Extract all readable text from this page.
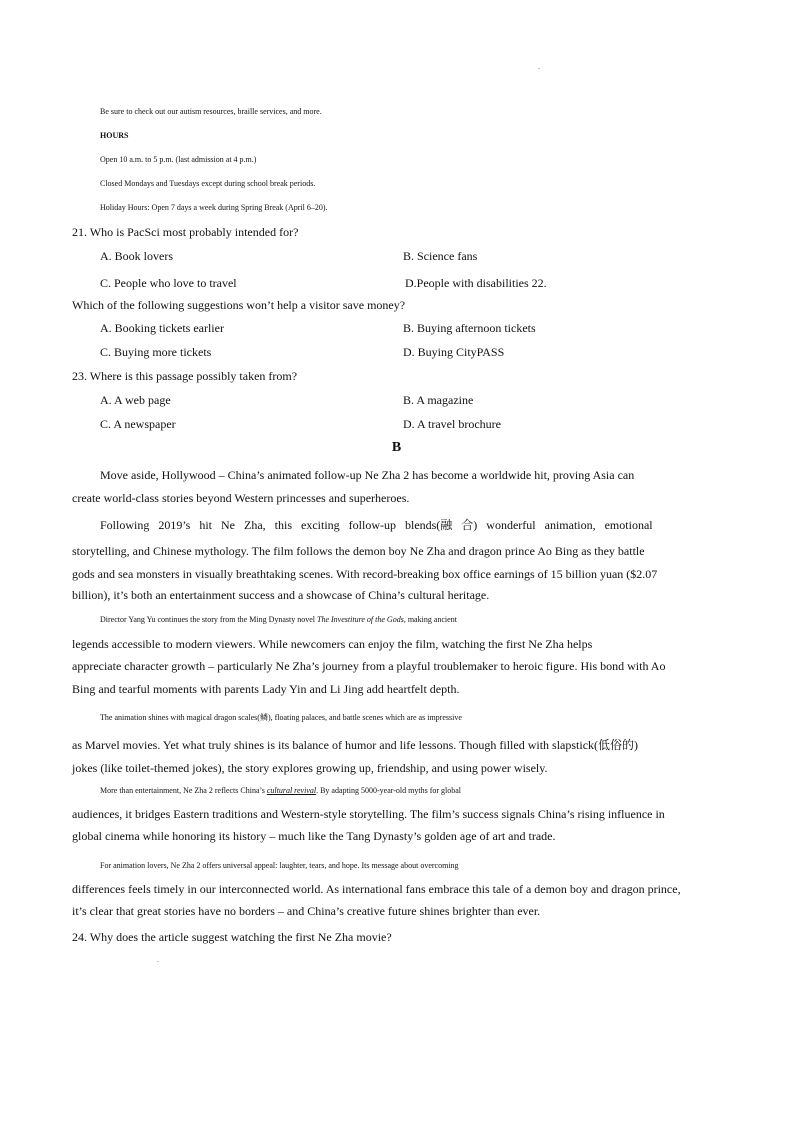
.
.
Be sure to check out our autism resources, braille services, and more.
HOURS
Open 10 a.m. to 5 p.m. (last admission at 4 p.m.)
Closed Mondays and Tuesdays except during school break periods.
Holiday Hours: Open 7 days a week during Spring Break (April 6–20).
21. Who is PacSci most probably intended for?
A. Book lovers	B. Science fans
C. People who love to travel	D.People with disabilities 22.
Which of the following suggestions won’t help a visitor save money?
A. Booking tickets earlier	B. Buying afternoon tickets
C. Buying more tickets	D. Buying CityPASS
23. Where is this passage possibly taken from?
A. A web page	B. A magazine
C. A newspaper	D. A travel brochure
B
Move aside, Hollywood – China’s animated follow-up Ne Zha 2 has become a worldwide hit, proving Asia can
create world-class stories beyond Western princesses and superheroes.
Following 2019’s hit Ne Zha, this exciting follow-up blends(融 合) wonderful animation, emotional
storytelling, and Chinese mythology. The film follows the demon boy Ne Zha and dragon prince Ao Bing as they battle
gods and sea monsters in visually breathtaking scenes. With record-breaking box office earnings of 15 billion yuan ($2.07
billion), it’s both an entertainment success and a showcase of China’s cultural heritage.
Director Yang Yu continues the story from the Ming Dynasty novel The Investiture of the Gods, making ancient
legends accessible to modern viewers. While newcomers can enjoy the film, watching the first Ne Zha helps
appreciate character growth – particularly Ne Zha’s journey from a playful troublemaker to heroic figure. His bond with Ao
Bing and tearful moments with parents Lady Yin and Li Jing add heartfelt depth.
The animation shines with magical dragon scales(鳞), floating palaces, and battle scenes which are as impressive
as Marvel movies. Yet what truly shines is its balance of humor and life lessons. Though filled with slapstick(低俗的)
jokes (like toilet-themed jokes), the story explores growing up, friendship, and using power wisely.
More than entertainment, Ne Zha 2 reflects China’s cultural revival. By adapting 5000-year-old myths for global
audiences, it bridges Eastern traditions and Western-style storytelling. The film’s success signals China’s rising influence in
global cinema while honoring its history – much like the Tang Dynasty’s golden age of art and trade.
For animation lovers, Ne Zha 2 offers universal appeal: laughter, tears, and hope. Its message about overcoming
differences feels timely in our interconnected world. As international fans embrace this tale of a demon boy and dragon prince,
it’s clear that great stories have no borders – and China’s creative future shines brighter than ever.
24. Why does the article suggest watching the first Ne Zha movie?
